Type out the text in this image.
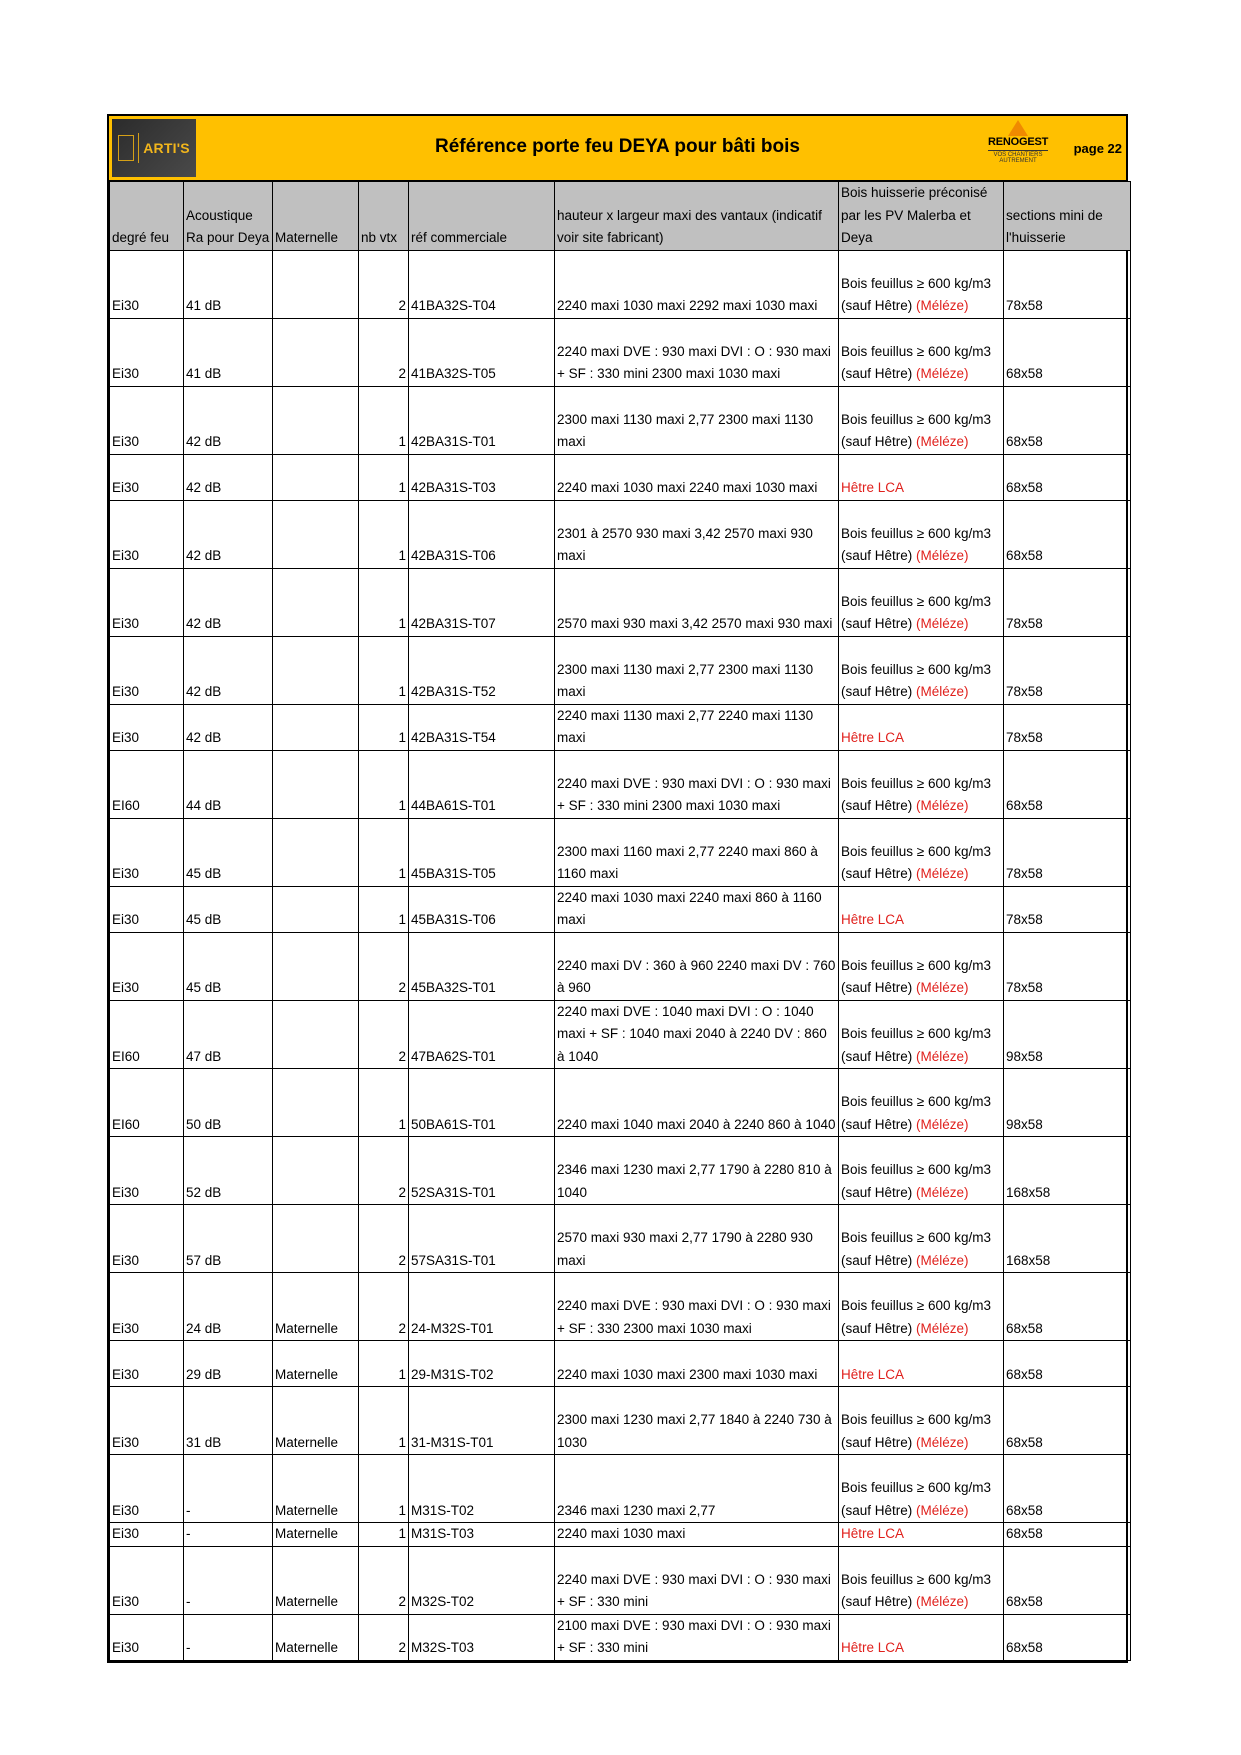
ARTI'S	Référence porte feu DEYA pour bâti bois	RENOGEST
VOS CHANTIERS AUTREMENT
page 22
degré feu	Acoustique Ra pour Deya	Maternelle	nb vtx	réf commerciale	hauteur x largeur maxi des vantaux (indicatif voir site fabricant)	Bois huisserie préconisé par les PV Malerba et Deya	sections mini de l'huisserie
Ei30	41 dB		2	41BA32S-T04	2240 maxi 1030 maxi 2292 maxi 1030 maxi	Bois feuillus ≥ 600 kg/m3 (sauf Hêtre) (Méléze)	78x58
Ei30	41 dB		2	41BA32S-T05	2240 maxi DVE : 930 maxi DVI : O : 930 maxi + SF : 330 mini 2300 maxi 1030 maxi	Bois feuillus ≥ 600 kg/m3 (sauf Hêtre) (Méléze)	68x58
Ei30	42 dB		1	42BA31S-T01	2300 maxi 1130 maxi 2,77 2300 maxi 1130 maxi	Bois feuillus ≥ 600 kg/m3 (sauf Hêtre) (Méléze)	68x58
Ei30	42 dB		1	42BA31S-T03	2240 maxi 1030 maxi 2240 maxi 1030 maxi	Hêtre LCA	68x58
Ei30	42 dB		1	42BA31S-T06	2301 à 2570 930 maxi 3,42 2570 maxi 930 maxi	Bois feuillus ≥ 600 kg/m3 (sauf Hêtre) (Méléze)	68x58
Ei30	42 dB		1	42BA31S-T07	2570 maxi 930 maxi 3,42 2570 maxi 930 maxi	Bois feuillus ≥ 600 kg/m3 (sauf Hêtre) (Méléze)	78x58
Ei30	42 dB		1	42BA31S-T52	2300 maxi 1130 maxi 2,77 2300 maxi 1130 maxi	Bois feuillus ≥ 600 kg/m3 (sauf Hêtre) (Méléze)	78x58
Ei30	42 dB		1	42BA31S-T54	2240 maxi 1130 maxi 2,77 2240 maxi 1130 maxi	Hêtre LCA	78x58
EI60	44 dB		1	44BA61S-T01	2240 maxi DVE : 930 maxi DVI : O : 930 maxi + SF : 330 mini 2300 maxi 1030 maxi	Bois feuillus ≥ 600 kg/m3 (sauf Hêtre) (Méléze)	68x58
Ei30	45 dB		1	45BA31S-T05	2300 maxi 1160 maxi 2,77 2240 maxi 860 à 1160 maxi	Bois feuillus ≥ 600 kg/m3 (sauf Hêtre) (Méléze)	78x58
Ei30	45 dB		1	45BA31S-T06	2240 maxi 1030 maxi 2240 maxi 860 à 1160 maxi	Hêtre LCA	78x58
Ei30	45 dB		2	45BA32S-T01	2240 maxi DV : 360 à 960 2240 maxi DV : 760 à 960	Bois feuillus ≥ 600 kg/m3 (sauf Hêtre) (Méléze)	78x58
EI60	47 dB		2	47BA62S-T01	2240 maxi DVE : 1040 maxi DVI : O : 1040 maxi + SF : 1040 maxi 2040 à 2240 DV : 860 à 1040	Bois feuillus ≥ 600 kg/m3 (sauf Hêtre) (Méléze)	98x58
EI60	50 dB		1	50BA61S-T01	2240 maxi 1040 maxi 2040 à 2240 860 à 1040	Bois feuillus ≥ 600 kg/m3 (sauf Hêtre) (Méléze)	98x58
Ei30	52 dB		2	52SA31S-T01	2346 maxi 1230 maxi 2,77 1790 à 2280 810 à 1040	Bois feuillus ≥ 600 kg/m3 (sauf Hêtre) (Méléze)	168x58
Ei30	57 dB		2	57SA31S-T01	2570 maxi 930 maxi 2,77 1790 à 2280 930 maxi	Bois feuillus ≥ 600 kg/m3 (sauf Hêtre) (Méléze)	168x58
Ei30	24 dB	Maternelle	2	24-M32S-T01	2240 maxi DVE : 930 maxi DVI : O : 930 maxi + SF : 330 2300 maxi 1030 maxi	Bois feuillus ≥ 600 kg/m3 (sauf Hêtre) (Méléze)	68x58
Ei30	29 dB	Maternelle	1	29-M31S-T02	2240 maxi 1030 maxi 2300 maxi 1030 maxi	Hêtre LCA	68x58
Ei30	31 dB	Maternelle	1	31-M31S-T01	2300 maxi 1230 maxi 2,77 1840 à 2240 730 à 1030	Bois feuillus ≥ 600 kg/m3 (sauf Hêtre) (Méléze)	68x58
Ei30	-	Maternelle	1	M31S-T02	2346 maxi 1230 maxi 2,77	Bois feuillus ≥ 600 kg/m3 (sauf Hêtre) (Méléze)	68x58
Ei30	-	Maternelle	1	M31S-T03	2240 maxi 1030 maxi	Hêtre LCA	68x58
Ei30	-	Maternelle	2	M32S-T02	2240 maxi DVE : 930 maxi DVI : O : 930 maxi + SF : 330 mini	Bois feuillus ≥ 600 kg/m3 (sauf Hêtre) (Méléze)	68x58
Ei30	-	Maternelle	2	M32S-T03	2100 maxi DVE : 930 maxi DVI : O : 930 maxi + SF : 330 mini	Hêtre LCA	68x58
